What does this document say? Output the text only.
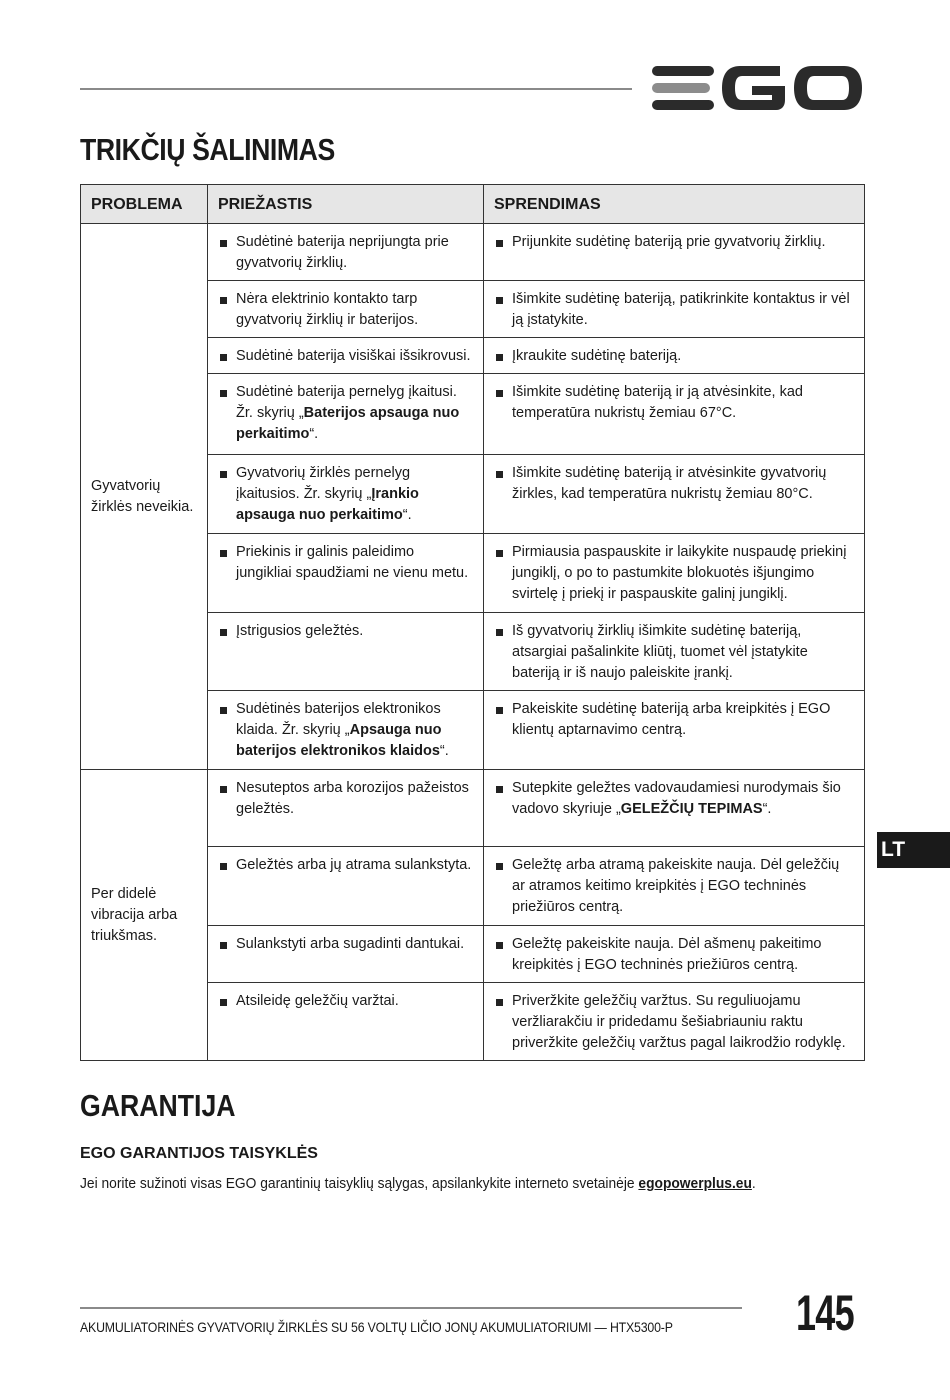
TRIKČIŲ ŠALINIMAS
PROBLEMA	PRIEŽASTIS	SPRENDIMAS
Gyvatvorių žirklės neveikia.	Sudėtinė baterija neprijungta prie gyvatvorių žirklių.	Prijunkite sudėtinę bateriją prie gyvatvorių žirklių.

	Nėra elektrinio kontakto tarp gyvatvorių žirklių ir baterijos.	Išimkite sudėtinę bateriją, patikrinkite kontaktus ir vėl ją įstatykite.

	Sudėtinė baterija visiškai išsikrovusi.	Įkraukite sudėtinę bateriją.

	Sudėtinė baterija pernelyg įkaitusi. Žr. skyrių „Baterijos apsauga nuo perkaitimo“.	Išimkite sudėtinę bateriją ir ją atvėsinkite, kad temperatūra nukristų žemiau 67°C.

	Gyvatvorių žirklės pernelyg įkaitusios. Žr. skyrių „Įrankio apsauga nuo perkaitimo“.	Išimkite sudėtinę bateriją ir atvėsinkite gyvatvorių žirkles, kad temperatūra nukristų žemiau 80°C.

	Priekinis ir galinis paleidimo jungikliai spaudžiami ne vienu metu.	Pirmiausia paspauskite ir laikykite nuspaudę priekinį jungiklį, o po to pastumkite blokuotės išjungimo svirtelę į priekį ir paspauskite galinį jungiklį.

	Įstrigusios geležtės.	Iš gyvatvorių žirklių išimkite sudėtinę bateriją, atsargiai pašalinkite kliūtį, tuomet vėl įstatykite bateriją ir iš naujo paleiskite įrankį.

	Sudėtinės baterijos elektronikos klaida. Žr. skyrių „Apsauga nuo baterijos elektronikos klaidos“.	Pakeiskite sudėtinę bateriją arba kreipkitės į EGO klientų aptarnavimo centrą.

Per didelė vibracija arba triukšmas.	Nesuteptos arba korozijos pažeistos geležtės.	Sutepkite geležtes vadovaudamiesi nurodymais šio vadovo skyriuje „GELEŽČIŲ TEPIMAS“.

	Geležtės arba jų atrama sulankstyta.	Geležtę arba atramą pakeiskite nauja. Dėl geležčių ar atramos keitimo kreipkitės į EGO techninės priežiūros centrą.

	Sulankstyti arba sugadinti dantukai.	Geležtę pakeiskite nauja. Dėl ašmenų pakeitimo kreipkitės į EGO techninės priežiūros centrą.

	Atsileidę geležčių varžtai.	Priveržkite geležčių varžtus. Su reguliuojamu veržliarakčiu ir pridedamu šešiabriauniu raktu priveržkite geležčių varžtus pagal laikrodžio rodyklę.
LT
GARANTIJA
EGO GARANTIJOS TAISYKLĖS

Jei norite sužinoti visas EGO garantinių taisyklių sąlygas, apsilankykite interneto svetainėje egopowerplus.eu.

AKUMULIATORINĖS GYVATVORIŲ ŽIRKLĖS SU 56 VOLTŲ LIČIO JONŲ AKUMULIATORIUMI — HTX5300-P 145
